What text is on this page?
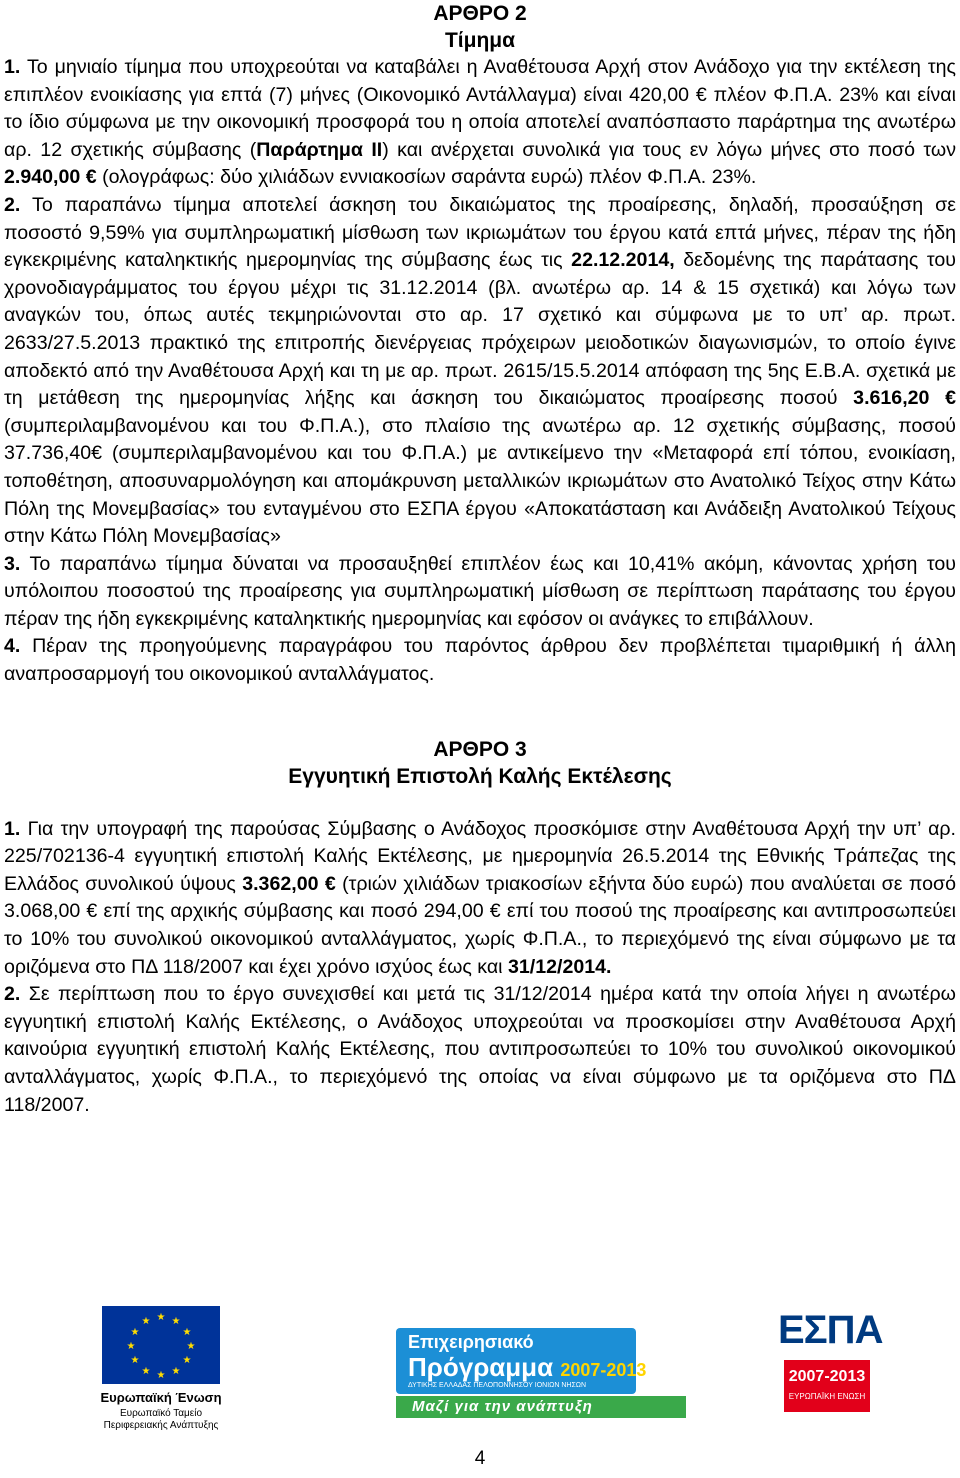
ΑΡΘΡΟ 2
Τίμημα

1. Το μηνιαίο τίμημα που υποχρεούται να καταβάλει η Αναθέτουσα Αρχή στον Ανάδοχο για την εκτέλεση της επιπλέον ενοικίασης για επτά (7) μήνες (Οικονομικό Αντάλλαγμα) είναι 420,00 € πλέον Φ.Π.Α. 23% και είναι το ίδιο σύμφωνα με την οικονομική προσφορά του η οποία αποτελεί αναπόσπαστο παράρτημα της ανωτέρω αρ. 12 σχετικής σύμβασης (Παράρτημα ΙΙ) και ανέρχεται συνολικά για τους εν λόγω μήνες στο ποσό των 2.940,00 € (ολογράφως: δύο χιλιάδων εννιακοσίων σαράντα ευρώ) πλέον Φ.Π.Α. 23%.

2. Το παραπάνω τίμημα αποτελεί άσκηση του δικαιώματος της προαίρεσης, δηλαδή, προσαύξηση σε ποσοστό 9,59% για συμπληρωματική μίσθωση των ικριωμάτων του έργου κατά επτά μήνες, πέραν της ήδη εγκεκριμένης καταληκτικής ημερομηνίας της σύμβασης έως τις 22.12.2014, δεδομένης της παράτασης του χρονοδιαγράμματος του έργου μέχρι τις 31.12.2014 (βλ. ανωτέρω αρ. 14 & 15 σχετικά) και λόγω των αναγκών του, όπως αυτές τεκμηριώνονται στο αρ. 17 σχετικό και σύμφωνα με το υπ’ αρ. πρωτ. 2633/27.5.2013 πρακτικό της επιτροπής διενέργειας πρόχειρων μειοδοτικών διαγωνισμών, το οποίο έγινε αποδεκτό από την Αναθέτουσα Αρχή και τη με αρ. πρωτ. 2615/15.5.2014 απόφαση της 5ης Ε.Β.Α. σχετικά με τη μετάθεση της ημερομηνίας λήξης και άσκηση του δικαιώματος προαίρεσης ποσού 3.616,20 € (συμπεριλαμβανομένου και του Φ.Π.Α.), στο πλαίσιο της ανωτέρω αρ. 12 σχετικής σύμβασης, ποσού 37.736,40€ (συμπεριλαμβανομένου και του Φ.Π.Α.) με αντικείμενο την «Μεταφορά επί τόπου, ενοικίαση, τοποθέτηση, αποσυναρμολόγηση και απομάκρυνση μεταλλικών ικριωμάτων στο Ανατολικό Τείχος στην Κάτω Πόλη της Μονεμβασίας» του ενταγμένου στο ΕΣΠΑ έργου «Αποκατάσταση και Ανάδειξη Ανατολικού Τείχους στην Κάτω Πόλη Μονεμβασίας»

3. Το παραπάνω τίμημα δύναται να προσαυξηθεί επιπλέον έως και 10,41% ακόμη, κάνοντας χρήση του υπόλοιπου ποσοστού της προαίρεσης για συμπληρωματική μίσθωση σε περίπτωση παράτασης του έργου πέραν της ήδη εγκεκριμένης καταληκτικής ημερομηνίας και εφόσον οι ανάγκες το επιβάλλουν.

4. Πέραν της προηγούμενης παραγράφου του παρόντος άρθρου δεν προβλέπεται τιμαριθμική ή άλλη αναπροσαρμογή του οικονομικού ανταλλάγματος.

ΑΡΘΡΟ 3
Εγγυητική Επιστολή Καλής Εκτέλεσης

1. Για την υπογραφή της παρούσας Σύμβασης ο Ανάδοχος προσκόμισε στην Αναθέτουσα Αρχή την υπ’ αρ. 225/702136-4 εγγυητική επιστολή Καλής Εκτέλεσης, με ημερομηνία 26.5.2014 της Εθνικής Τράπεζας της Ελλάδος συνολικού ύψους 3.362,00 € (τριών χιλιάδων τριακοσίων εξήντα δύο ευρώ) που αναλύεται σε ποσό 3.068,00 € επί της αρχικής σύμβασης και ποσό 294,00 € επί του ποσού της προαίρεσης και αντιπροσωπεύει το 10% του συνολικού οικονομικού ανταλλάγματος, χωρίς Φ.Π.Α., το περιεχόμενό της είναι σύμφωνο με τα οριζόμενα στο ΠΔ 118/2007 και έχει χρόνο ισχύος έως και 31/12/2014.

2. Σε περίπτωση που το έργο συνεχισθεί και μετά τις 31/12/2014 ημέρα κατά την οποία λήγει η ανωτέρω εγγυητική επιστολή Καλής Εκτέλεσης, ο Ανάδοχος υποχρεούται να προσκομίσει στην Αναθέτουσα Αρχή καινούρια εγγυητική επιστολή Καλής Εκτέλεσης, που αντιπροσωπεύει το 10% του συνολικού οικονομικού ανταλλάγματος, χωρίς Φ.Π.Α., το περιεχόμενό της οποίας να είναι σύμφωνο με τα οριζόμενα στο ΠΔ 118/2007.

★ ★
★
★
★
★
★
★
★
★
★
★
Ευρωπαϊκή Ένωση
Ευρωπαϊκό Ταμείο
Περιφερειακής Ανάπτυξης
Επιχειρησιακό
Πρόγραμμα 2007-2013
ΔΥΤΙΚΗΣ ΕΛΛΑΔΑΣ ΠΕΛΟΠΟΝΝΗΣΟΥ ΙΟΝΙΩΝ ΝΗΣΩΝ
Μαζί για την ανάπτυξη
ΕΣΠΑ
2007-2013
ΕΥΡΩΠΑΪΚΗ ΕΝΩΣΗ
4
